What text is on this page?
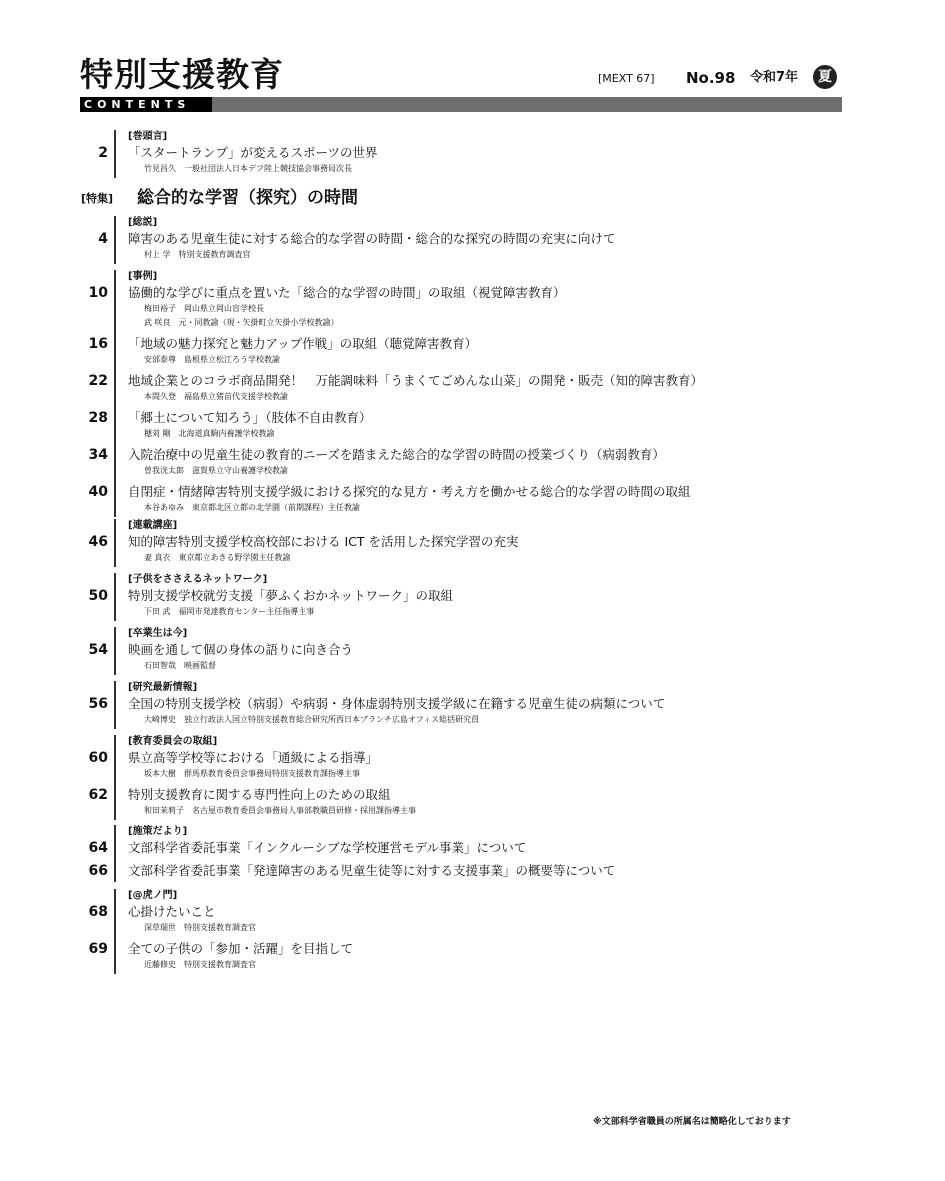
特別支援教育	[MEXT 67] No.98 令和7年	夏
CONTENTS
[特集] 総合的な学習（探究）の時間
[巻頭言]
2 「スタートランプ」が変えるスポーツの世界
竹見昌久　一般社団法人日本デフ陸上競技協会事務局次長
[総説]
4 障害のある児童生徒に対する総合的な学習の時間・総合的な探究の時間の充実に向けて
村上 学　特別支援教育調査官
[事例]
10 協働的な学びに重点を置いた「総合的な学習の時間」の取組（視覚障害教育）
梅田裕子　岡山県立岡山盲学校長
武 咲良　元・同教諭（現・矢掛町立矢掛小学校教諭）
16 「地域の魅力探究と魅力アップ作戦」の取組（聴覚障害教育）
安部泰尊　島根県立松江ろう学校教諭
22 地域企業とのコラボ商品開発！　万能調味料「うまくてごめんな山菜」の開発・販売（知的障害教育）
本間久登　福島県立猪苗代支援学校教諭
28 「郷土について知ろう」（肢体不自由教育）
穂苅 剛　北海道真駒内養護学校教諭
34 入院治療中の児童生徒の教育的ニーズを踏まえた総合的な学習の時間の授業づくり（病弱教育）
曽我洸太郎　滋賀県立守山養護学校教諭
40 自閉症・情緒障害特別支援学級における探究的な見方・考え方を働かせる総合的な学習の時間の取組
本谷あゆみ　東京都北区立都の北学園（前期課程）主任教諭
[連載講座]
46 知的障害特別支援学校高校部における ICT を活用した探究学習の充実
妻 真衣　東京都立あきる野学園主任教諭
[子供をささえるネットワーク]
50 特別支援学校就労支援「夢ふくおかネットワーク」の取組
下田 武　福岡市発達教育センター主任指導主事
[卒業生は今]
54 映画を通して個の身体の語りに向き合う
石田智哉　映画監督
[研究最新情報]
56 全国の特別支援学校（病弱）や病弱・身体虚弱特別支援学級に在籍する児童生徒の病類について
大崎博史　独立行政法人国立特別支援教育総合研究所西日本ブランチ広島オフィス総括研究員
[教育委員会の取組]
60 県立高等学校等における「通級による指導」
坂本大樹　群馬県教育委員会事務局特別支援教育課指導主事
62 特別支援教育に関する専門性向上のための取組
和田茉莉子　名古屋市教育委員会事務局人事部教職員研修・採用課指導主事
[施策だより]
64 文部科学省委託事業「インクルーシブな学校運営モデル事業」について
66 文部科学省委託事業「発達障害のある児童生徒等に対する支援事業」の概要等について
[@虎ノ門]
68 心掛けたいこと
深草瑞世　特別支援教育調査官
69 全ての子供の「参加・活躍」を目指して
近藤修史　特別支援教育調査官
※文部科学省職員の所属名は簡略化しております
